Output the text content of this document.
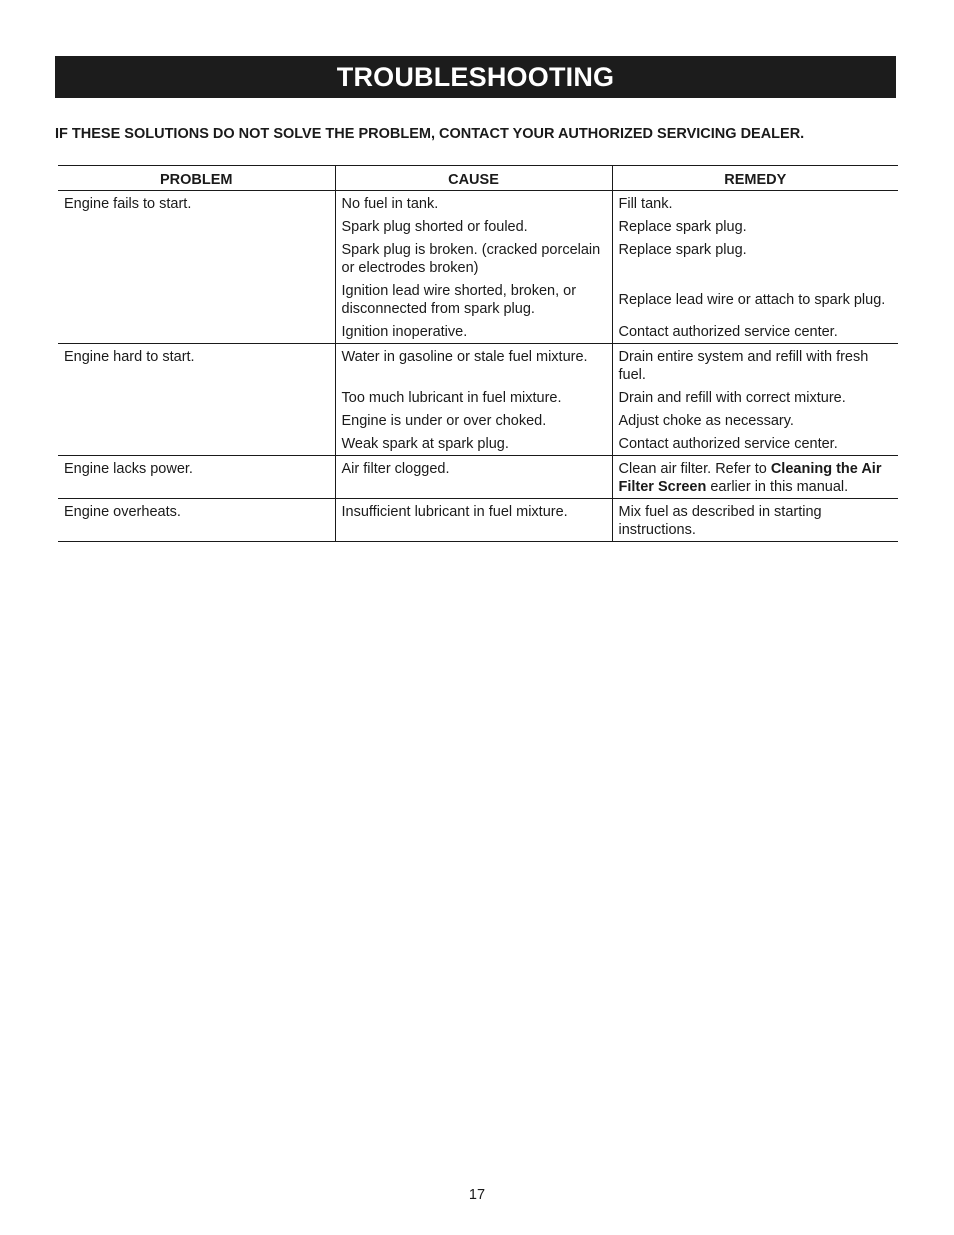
TROUBLESHOOTING
IF THESE SOLUTIONS DO NOT SOLVE THE PROBLEM, CONTACT YOUR AUTHORIZED SERVICING DEALER.
PROBLEM	CAUSE	REMEDY
Engine fails to start.	No fuel in tank.	Fill tank.
	Spark plug shorted or fouled.	Replace spark plug.
	Spark plug is broken. (cracked porcelain or electrodes broken)	Replace spark plug.
	Ignition lead wire shorted, broken, or disconnected from spark plug.	Replace lead wire or attach to spark plug.
	Ignition inoperative.	Contact authorized service center.
Engine hard to start.	Water in gasoline or stale fuel mixture.	Drain entire system and refill with fresh fuel.
	Too much lubricant in fuel mixture.	Drain and refill with correct mixture.
	Engine is under or over choked.	Adjust choke as necessary.
	Weak spark at spark plug.	Contact authorized service center.
Engine lacks power.	Air filter clogged.	Clean air filter. Refer to Cleaning the Air Filter Screen earlier in this manual.
Engine overheats.	Insufficient lubricant in fuel mixture.	Mix fuel as described in starting instructions.
17
